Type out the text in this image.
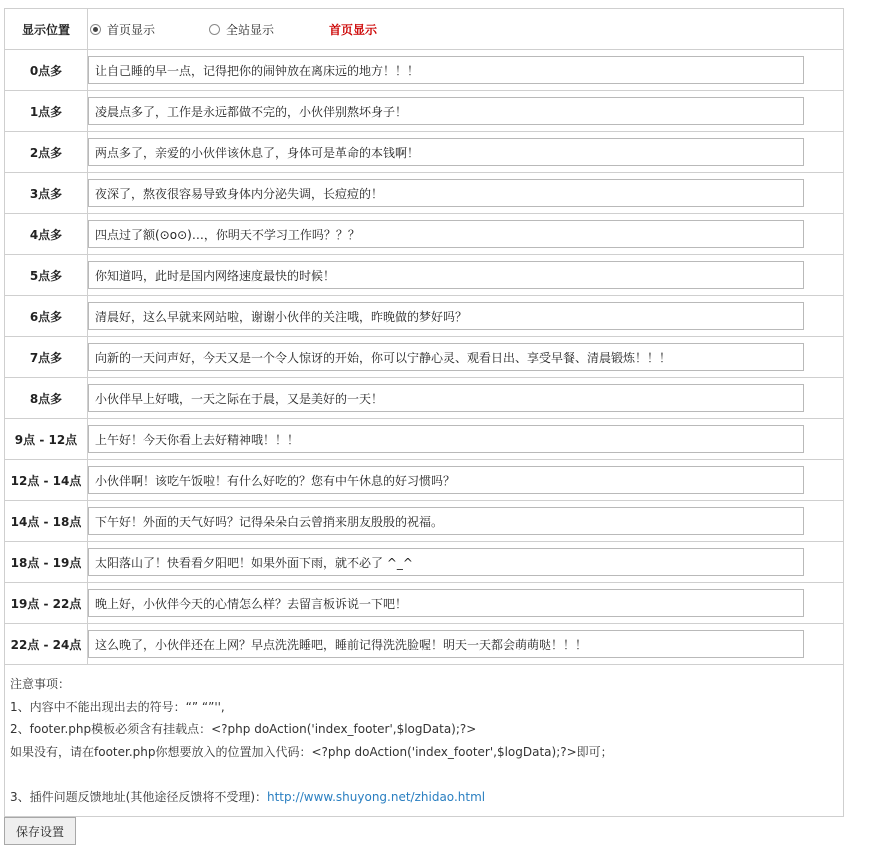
显示位置	首页显示 全站显示 首页显示

0点多	让自己睡的早一点，记得把你的闹钟放在离床远的地方！！！
1点多	凌晨点多了，工作是永远都做不完的，小伙伴别熬坏身子！
2点多	两点多了，亲爱的小伙伴该休息了，身体可是革命的本钱啊！
3点多	夜深了，熬夜很容易导致身体内分泌失调，长痘痘的！
4点多	四点过了额(⊙o⊙)…，你明天不学习工作吗？？？
5点多	你知道吗，此时是国内网络速度最快的时候！
6点多	清晨好，这么早就来网站啦，谢谢小伙伴的关注哦，昨晚做的梦好吗？
7点多	向新的一天问声好，今天又是一个令人惊讶的开始，你可以宁静心灵、观看日出、享受早餐、清晨锻炼！！！
8点多	小伙伴早上好哦，一天之际在于晨，又是美好的一天！
9点 - 12点	上午好！今天你看上去好精神哦！！！
12点 - 14点	小伙伴啊！该吃午饭啦！有什么好吃的？您有中午休息的好习惯吗？
14点 - 18点	下午好！外面的天气好吗？记得朵朵白云曾捎来朋友殷殷的祝福。
18点 - 19点	太阳落山了！快看看夕阳吧！如果外面下雨，就不必了 ^_^
19点 - 22点	晚上好，小伙伴今天的心情怎么样？去留言板诉说一下吧！
22点 - 24点	这么晚了，小伙伴还在上网？早点洗洗睡吧，睡前记得洗洗脸喔！明天一天都会萌萌哒！！！
注意事项：
1、内容中不能出现出去的符号：“” “”'',
2、footer.php模板必须含有挂载点：<?php doAction('index_footer',$logData);?>
如果没有，请在footer.php你想要放入的位置加入代码：<?php doAction('index_footer',$logData);?>即可；
3、插件问题反馈地址(其他途径反馈将不受理)：http://www.shuyong.net/zhidao.html
保存设置
